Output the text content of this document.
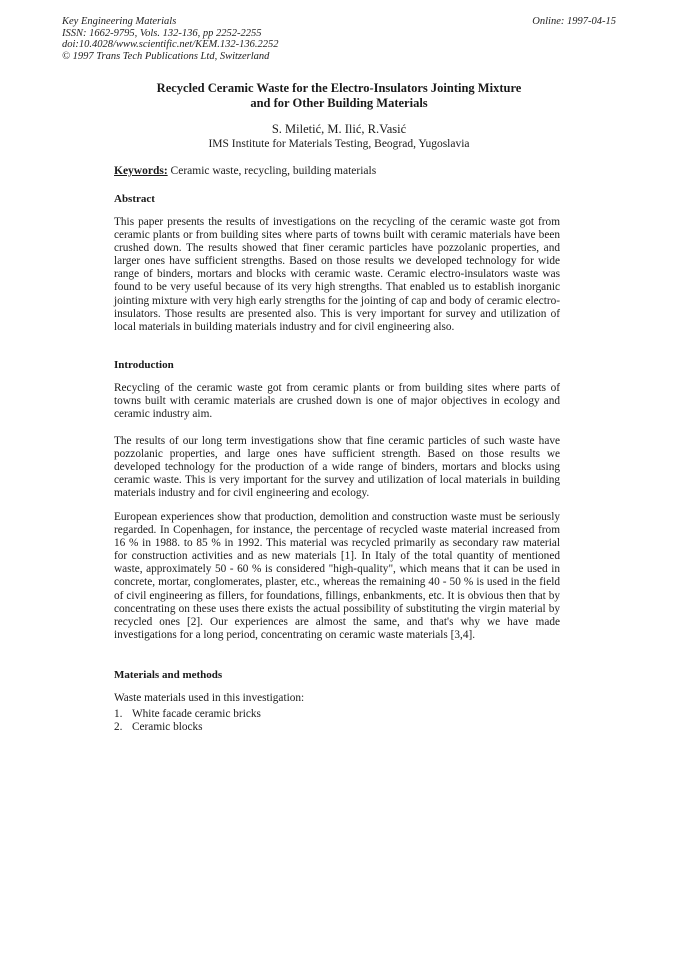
Key Engineering Materials
ISSN: 1662-9795, Vols. 132-136, pp 2252-2255
doi:10.4028/www.scientific.net/KEM.132-136.2252
© 1997 Trans Tech Publications Ltd, Switzerland
Online: 1997-04-15
Recycled Ceramic Waste for the Electro-Insulators Jointing Mixture
and for Other Building Materials
S. Miletić, M. Ilić, R.Vasić
IMS Institute for Materials Testing, Beograd, Yugoslavia
Keywords: Ceramic waste, recycling, building materials
Abstract

This paper presents the results of investigations on the recycling of the ceramic waste got from ceramic plants or from building sites where parts of towns built with ceramic materials have been crushed down. The results showed that finer ceramic particles have pozzolanic properties, and larger ones have sufficient strengths. Based on those results we developed technology for wide range of binders, mortars and blocks with ceramic waste. Ceramic electro-insulators waste was found to be very useful because of its very high strengths. That enabled us to establish inorganic jointing mixture with very high early strengths for the jointing of cap and body of ceramic electro-insulators. Those results are presented also. This is very important for survey and utilization of local materials in building materials industry and for civil engineering also.

Introduction

Recycling of the ceramic waste got from ceramic plants or from building sites where parts of towns built with ceramic materials are crushed down is one of major objectives in ecology and ceramic industry aim.

The results of our long term investigations show that fine ceramic particles of such waste have pozzolanic properties, and large ones have sufficient strength. Based on those results we developed technology for the production of a wide range of binders, mortars and blocks using ceramic waste. This is very important for the survey and utilization of local materials in building materials industry and for civil engineering and ecology.

European experiences show that production, demolition and construction waste must be seriously regarded. In Copenhagen, for instance, the percentage of recycled waste material increased from 16 % in 1988. to 85 % in 1992. This material was recycled primarily as secondary raw material for construction activities and as new materials [1]. In Italy of the total quantity of mentioned waste, approximately 50 - 60 % is considered "high-quality", which means that it can be used in concrete, mortar, conglomerates, plaster, etc., whereas the remaining 40 - 50 % is used in the field of civil engineering as fillers, for foundations, fillings, enbankments, etc. It is obvious then that by concentrating on these uses there exists the actual possibility of substituting the virgin material by recycled ones [2]. Our experiences are almost the same, and that's why we have made investigations for a long period, concentrating on ceramic waste materials [3,4].

Materials and methods
Waste materials used in this investigation:
1. White facade ceramic bricks
2. Ceramic blocks
